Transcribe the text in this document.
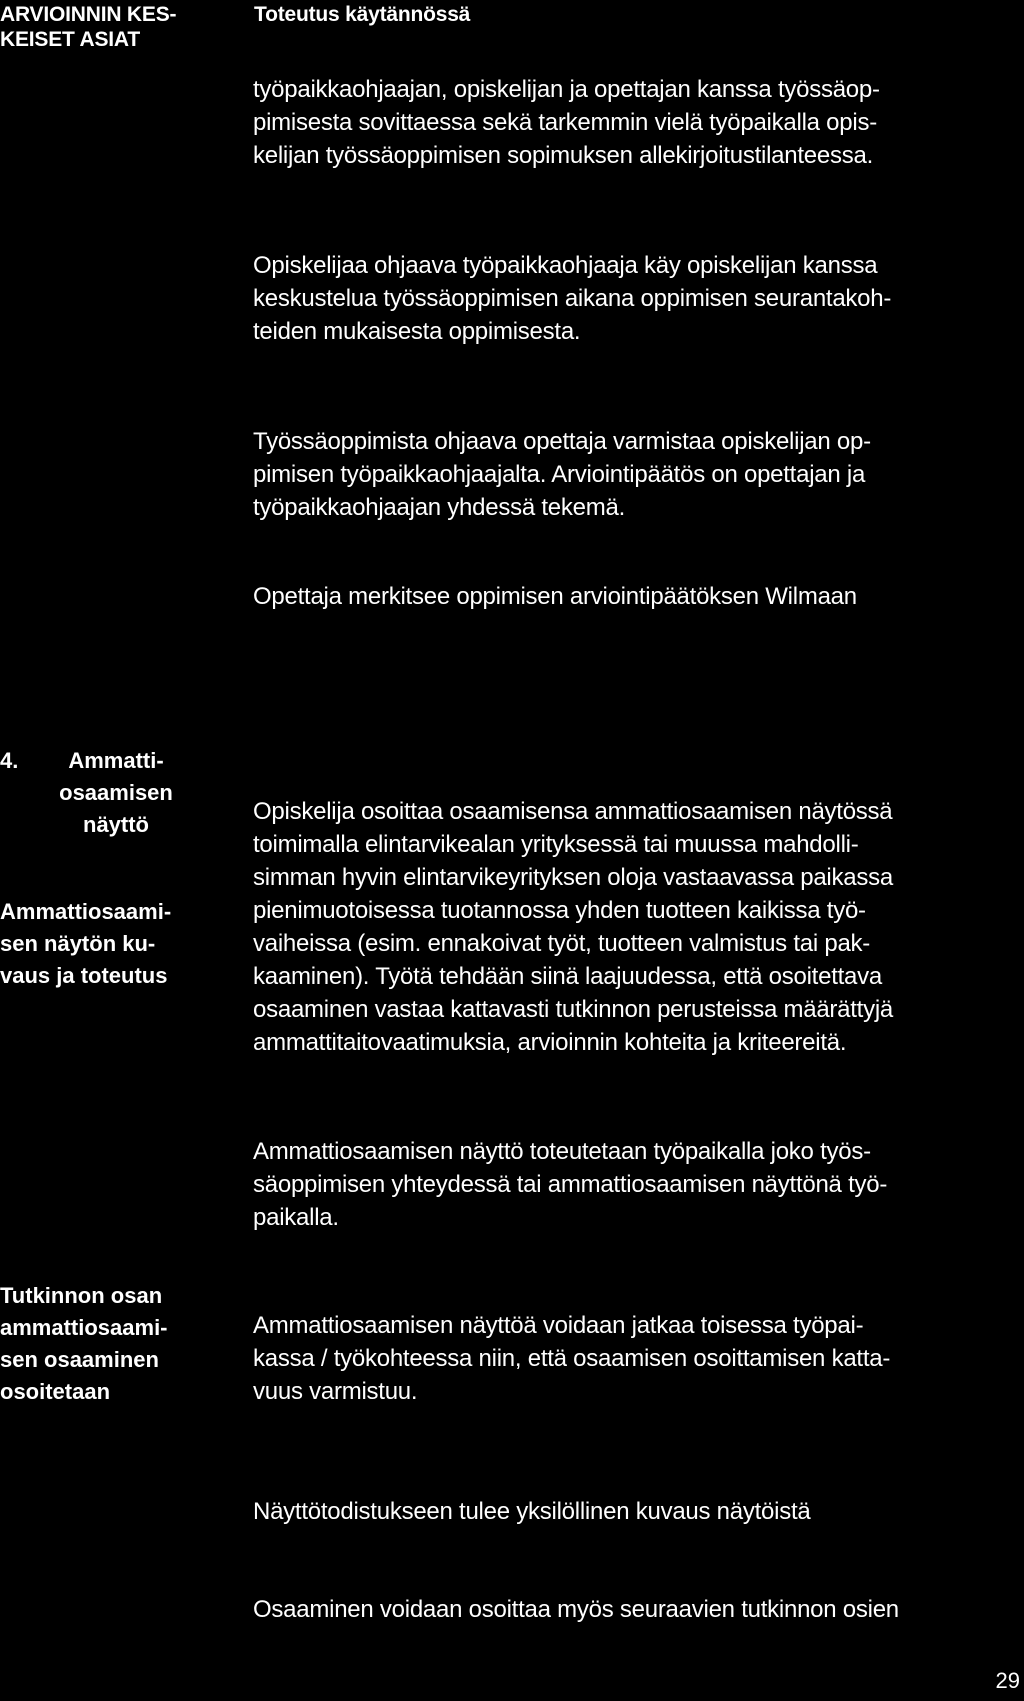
ARVIOINNIN KES-
KEISET ASIAT
Toteutus käytännössä

työpaikkaohjaajan, opiskelijan ja opettajan kanssa työssäop-
pimisesta sovittaessa sekä tarkemmin vielä työpaikalla opis-
kelijan työssäoppimisen sopimuksen allekirjoitustilanteessa.

Opiskelijaa ohjaava työpaikkaohjaaja käy opiskelijan kanssa
keskustelua työssäoppimisen aikana oppimisen seurantakoh-
teiden mukaisesta oppimisesta.

Työssäoppimista ohjaava opettaja varmistaa opiskelijan op-
pimisen työpaikkaohjaajalta. Arviointipäätös on opettajan ja
työpaikkaohjaajan yhdessä tekemä.

Opettaja merkitsee oppimisen arviointipäätöksen Wilmaan

4.	Ammatti-
osaamisen
näyttö

Ammattiosaami-
sen näytön ku-
vaus ja toteutus

Opiskelija osoittaa osaamisensa ammattiosaamisen näytössä
toimimalla elintarvikealan yrityksessä tai muussa mahdolli-
simman hyvin elintarvikeyrityksen oloja vastaavassa paikassa
pienimuotoisessa tuotannossa yhden tuotteen kaikissa työ-
vaiheissa (esim. ennakoivat työt, tuotteen valmistus tai pak-
kaaminen). Työtä tehdään siinä laajuudessa, että osoitettava
osaaminen vastaa kattavasti tutkinnon perusteissa määrättyjä
ammattitaitovaatimuksia, arvioinnin kohteita ja kriteereitä.

Ammattiosaamisen näyttö toteutetaan työpaikalla joko työs-
säoppimisen yhteydessä tai ammattiosaamisen näyttönä työ-
paikalla.

Tutkinnon osan
ammattiosaami-
sen osaaminen
osoitetaan

Ammattiosaamisen näyttöä voidaan jatkaa toisessa työpai-
kassa / työkohteessa niin, että osaamisen osoittamisen katta-
vuus varmistuu.

Näyttötodistukseen tulee yksilöllinen kuvaus näytöistä

Osaaminen voidaan osoittaa myös seuraavien tutkinnon osien

29
